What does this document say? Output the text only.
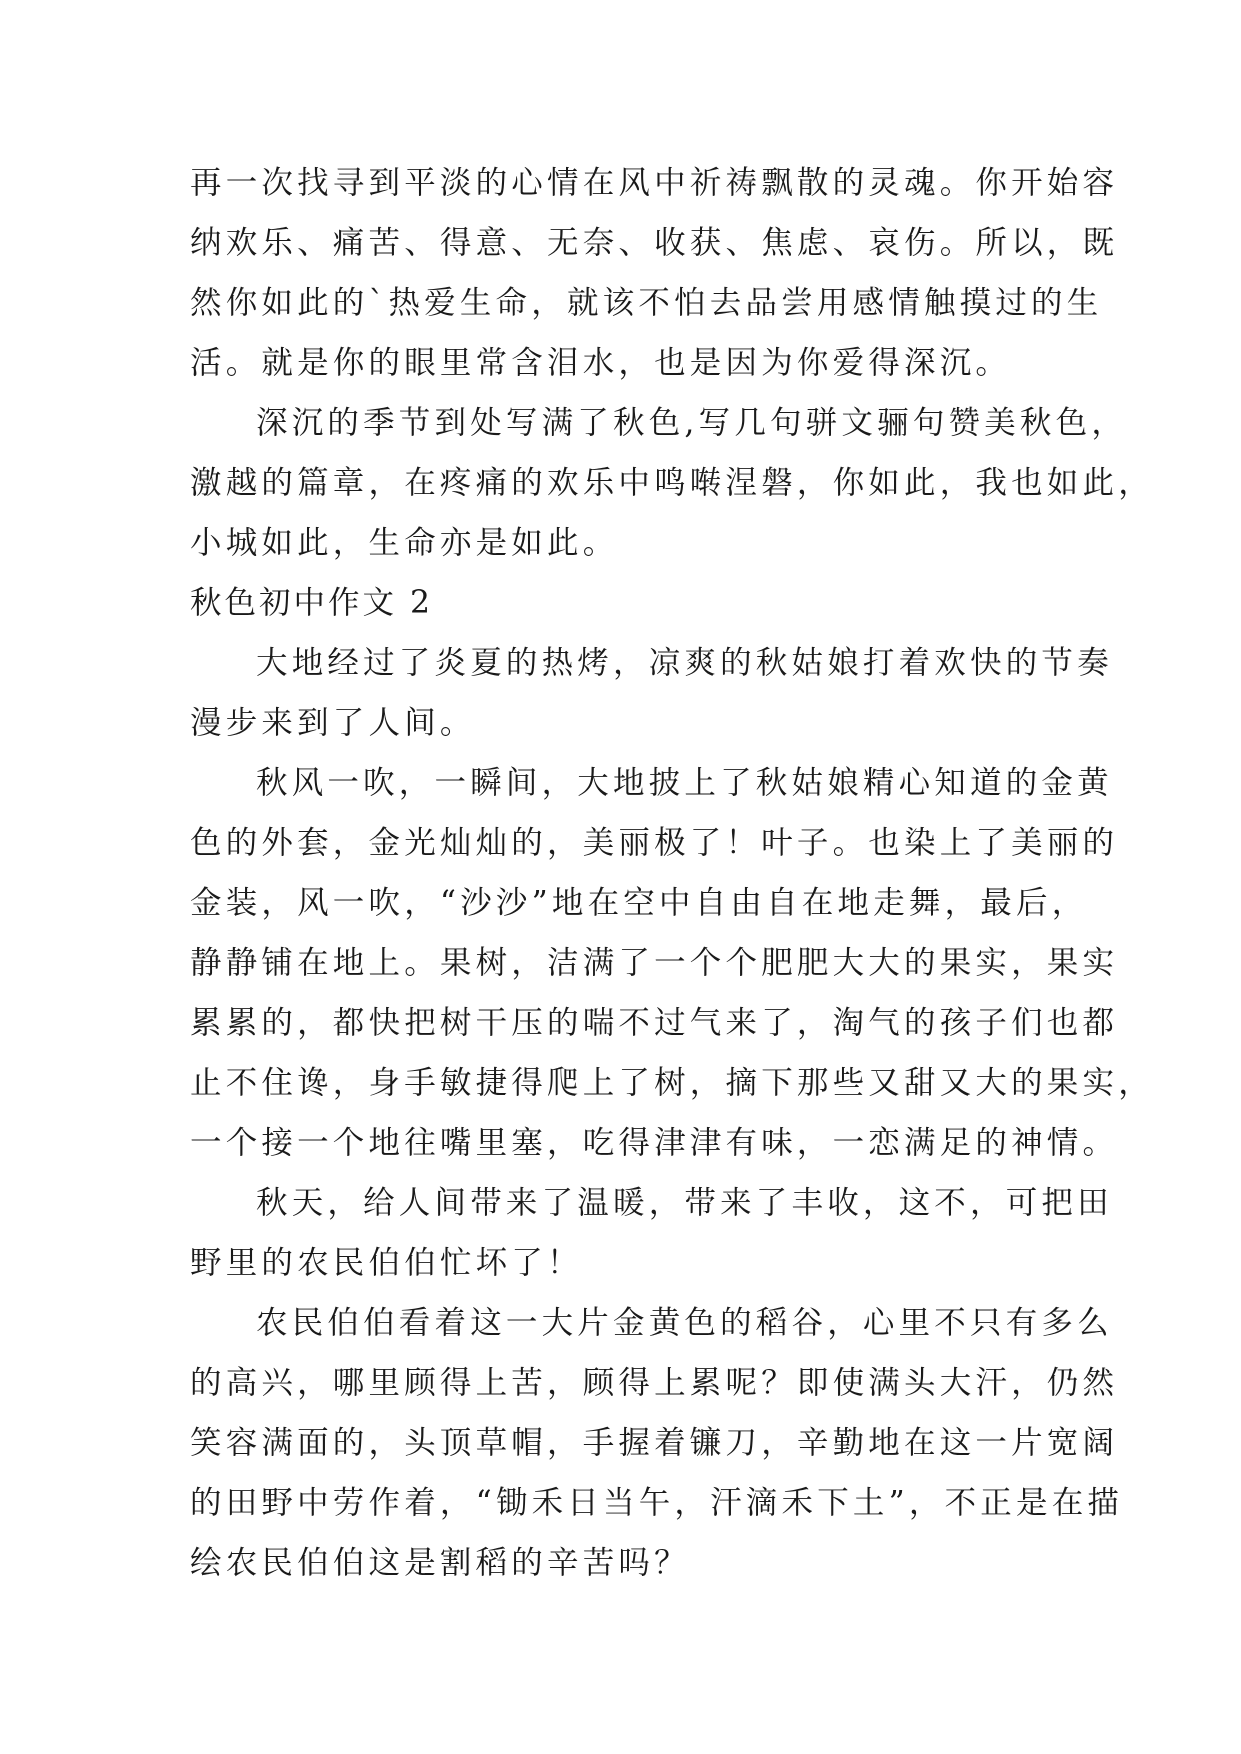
再一次找寻到平淡的心情在风中祈祷飘散的灵魂。你开始容
纳欢乐、痛苦、得意、无奈、收获、焦虑、哀伤。所以，既
然你如此的`热爱生命，就该不怕去品尝用感情触摸过的生
活。就是你的眼里常含泪水，也是因为你爱得深沉。
深沉的季节到处写满了秋色,写几句骈文骊句赞美秋色，
激越的篇章，在疼痛的欢乐中鸣啭涅磐，你如此，我也如此，
小城如此，生命亦是如此。
秋色初中作文 2
大地经过了炎夏的热烤，凉爽的秋姑娘打着欢快的节奏
漫步来到了人间。
秋风一吹，一瞬间，大地披上了秋姑娘精心知道的金黄
色的外套，金光灿灿的，美丽极了！叶子。也染上了美丽的
金装，风一吹，“沙沙”地在空中自由自在地走舞，最后，
静静铺在地上。果树，洁满了一个个肥肥大大的果实，果实
累累的，都快把树干压的喘不过气来了，淘气的孩子们也都
止不住谗，身手敏捷得爬上了树，摘下那些又甜又大的果实，
一个接一个地往嘴里塞，吃得津津有味，一恋满足的神情。
秋天，给人间带来了温暖，带来了丰收，这不，可把田
野里的农民伯伯忙坏了！
农民伯伯看着这一大片金黄色的稻谷，心里不只有多么
的高兴，哪里顾得上苦，顾得上累呢？即使满头大汗，仍然
笑容满面的，头顶草帽，手握着镰刀，辛勤地在这一片宽阔
的田野中劳作着，“锄禾日当午，汗滴禾下土”，不正是在描
绘农民伯伯这是割稻的辛苦吗？
